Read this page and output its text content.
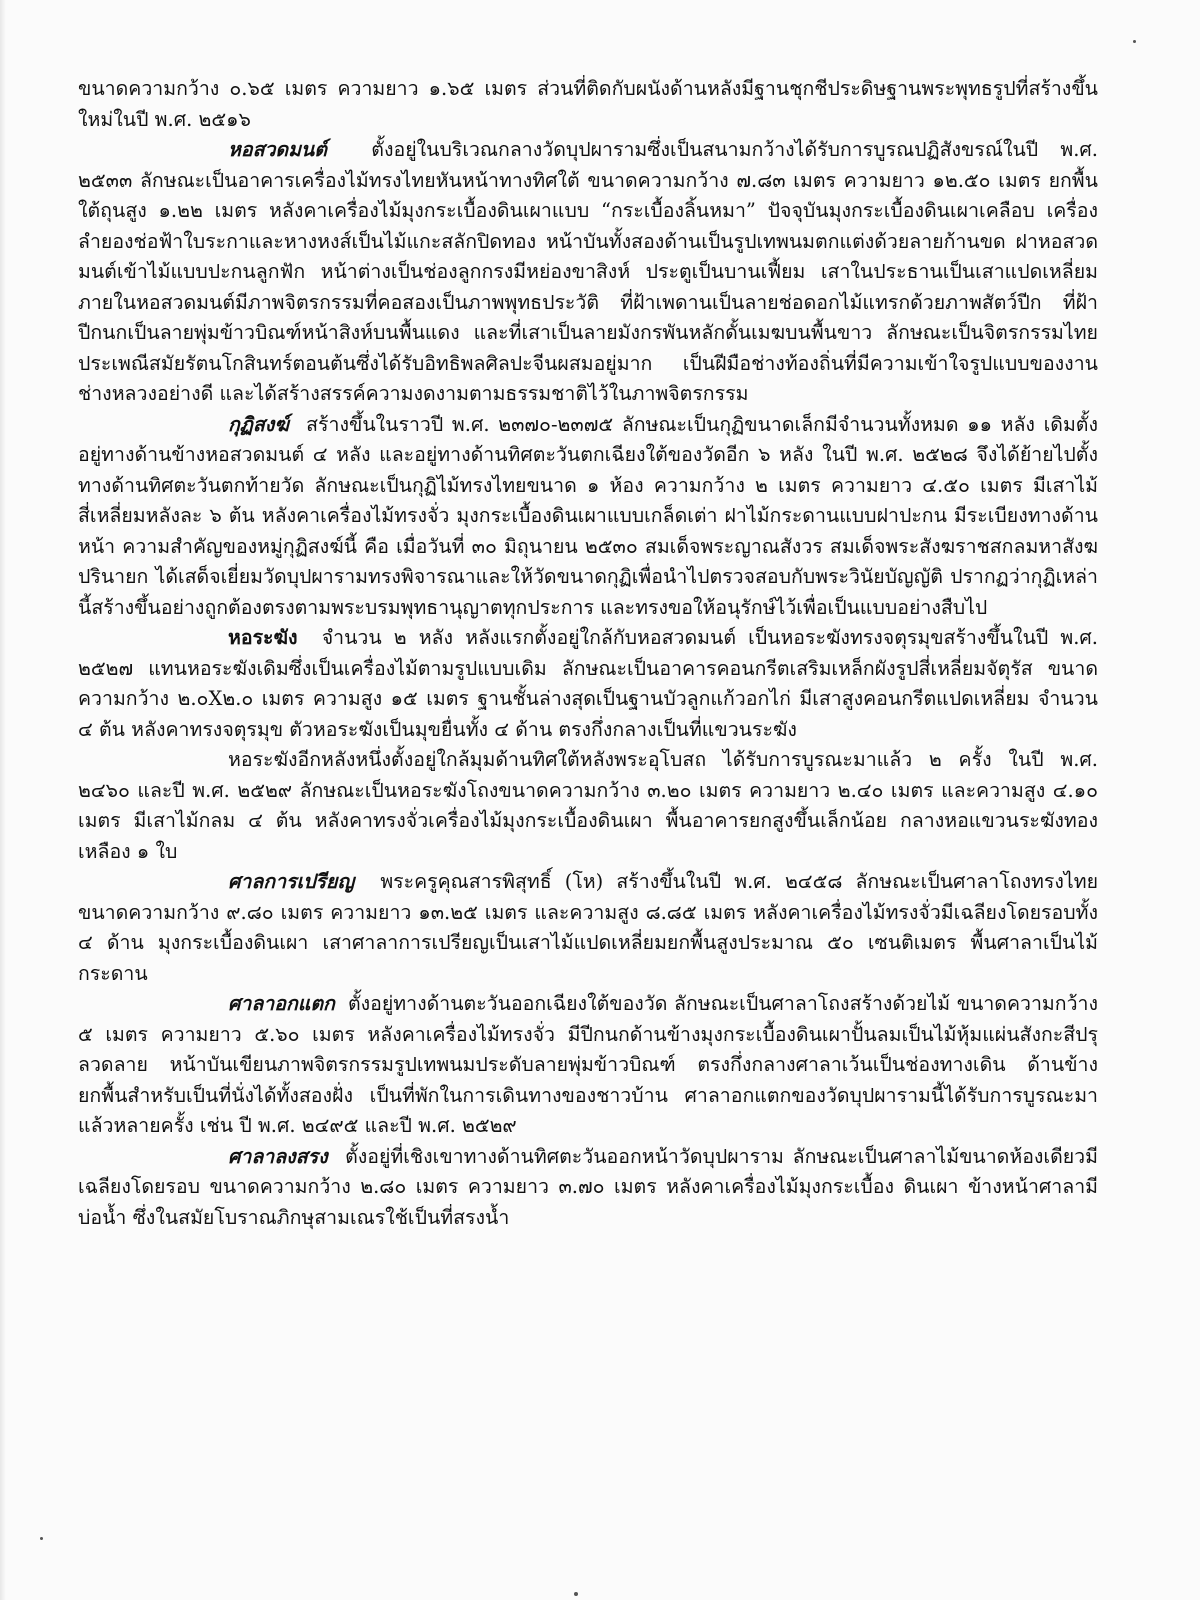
ขนาดความกว้าง ๐.๖๕ เมตร ความยาว ๑.๖๕ เมตร ส่วนที่ติดกับผนังด้านหลังมีฐานชุกชีประดิษฐานพระพุทธรูปที่สร้างขึ้นใหม่ในปี พ.ศ. ๒๕๑๖

หอสวดมนต์ ตั้งอยู่ในบริเวณกลางวัดบุปผารามซึ่งเป็นสนามกว้างได้รับการบูรณปฏิสังขรณ์ในปี พ.ศ. ๒๕๓๓ ลักษณะเป็นอาคารเครื่องไม้ทรงไทยหันหน้าทางทิศใต้ ขนาดความกว้าง ๗.๘๓ เมตร ความยาว ๑๒.๕๐ เมตร ยกพื้นใต้ถุนสูง ๑.๒๒ เมตร หลังคาเครื่องไม้มุงกระเบื้องดินเผาแบบ “กระเบื้องลิ้นหมา” ปัจจุบันมุงกระเบื้องดินเผาเคลือบ เครื่องลำยองช่อฟ้าใบระกาและหางหงส์เป็นไม้แกะสลักปิดทอง หน้าบันทั้งสองด้านเป็นรูปเทพนมตกแต่งด้วยลายก้านขด ฝาหอสวดมนต์เข้าไม้แบบปะกนลูกฟัก หน้าต่างเป็นช่องลูกกรงมีหย่องขาสิงห์ ประตูเป็นบานเฟี้ยม เสาในประธานเป็นเสาแปดเหลี่ยม ภายในหอสวดมนต์มีภาพจิตรกรรมที่คอสองเป็นภาพพุทธประวัติ ที่ฝ้าเพดานเป็นลายช่อดอกไม้แทรกด้วยภาพสัตว์ปีก ที่ฝ้าปีกนกเป็นลายพุ่มข้าวบิณฑ์หน้าสิงห์บนพื้นแดง และที่เสาเป็นลายมังกรพันหลักดั้นเมฆบนพื้นขาว ลักษณะเป็นจิตรกรรมไทยประเพณีสมัยรัตนโกสินทร์ตอนต้นซึ่งได้รับอิทธิพลศิลปะจีนผสมอยู่มาก เป็นฝีมือช่างท้องถิ่นที่มีความเข้าใจรูปแบบของงานช่างหลวงอย่างดี และได้สร้างสรรค์ความงดงามตามธรรมชาติไว้ในภาพจิตรกรรม

กุฏิสงฆ์ สร้างขึ้นในราวปี พ.ศ. ๒๓๗๐-๒๓๗๕ ลักษณะเป็นกุฏิขนาดเล็กมีจำนวนทั้งหมด ๑๑ หลัง เดิมตั้งอยู่ทางด้านข้างหอสวดมนต์ ๔ หลัง และอยู่ทางด้านทิศตะวันตกเฉียงใต้ของวัดอีก ๖ หลัง ในปี พ.ศ. ๒๕๒๘ จึงได้ย้ายไปตั้งทางด้านทิศตะวันตกท้ายวัด ลักษณะเป็นกุฏิไม้ทรงไทยขนาด ๑ ห้อง ความกว้าง ๒ เมตร ความยาว ๔.๕๐ เมตร มีเสาไม้สี่เหลี่ยมหลังละ ๖ ต้น หลังคาเครื่องไม้ทรงจั่ว มุงกระเบื้องดินเผาแบบเกล็ดเต่า ฝาไม้กระดานแบบฝาปะกน มีระเบียงทางด้านหน้า ความสำคัญของหมู่กุฏิสงฆ์นี้ คือ เมื่อวันที่ ๓๐ มิถุนายน ๒๕๓๐ สมเด็จพระญาณสังวร สมเด็จพระสังฆราชสกลมหาสังฆปรินายก ได้เสด็จเยี่ยมวัดบุปผารามทรงพิจารณาและให้วัดขนาดกุฏิเพื่อนำไปตรวจสอบกับพระวินัยบัญญัติ ปรากฏว่ากุฏิเหล่านี้สร้างขึ้นอย่างถูกต้องตรงตามพระบรมพุทธานุญาตทุกประการ และทรงขอให้อนุรักษ์ไว้เพื่อเป็นแบบอย่างสืบไป

หอระฆัง จำนวน ๒ หลัง หลังแรกตั้งอยู่ใกล้กับหอสวดมนต์ เป็นหอระฆังทรงจตุรมุขสร้างขึ้นในปี พ.ศ. ๒๕๒๗ แทนหอระฆังเดิมซึ่งเป็นเครื่องไม้ตามรูปแบบเดิม ลักษณะเป็นอาคารคอนกรีตเสริมเหล็กผังรูปสี่เหลี่ยมจัตุรัส ขนาดความกว้าง ๒.๐X๒.๐ เมตร ความสูง ๑๕ เมตร ฐานชั้นล่างสุดเป็นฐานบัวลูกแก้วอกไก่ มีเสาสูงคอนกรีตแปดเหลี่ยม จำนวน ๔ ต้น หลังคาทรงจตุรมุข ตัวหอระฆังเป็นมุขยื่นทั้ง ๔ ด้าน ตรงกึ่งกลางเป็นที่แขวนระฆัง

หอระฆังอีกหลังหนึ่งตั้งอยู่ใกล้มุมด้านทิศใต้หลังพระอุโบสถ ได้รับการบูรณะมาแล้ว ๒ ครั้ง ในปี พ.ศ. ๒๔๖๐ และปี พ.ศ. ๒๕๒๙ ลักษณะเป็นหอระฆังโถงขนาดความกว้าง ๓.๒๐ เมตร ความยาว ๒.๔๐ เมตร และความสูง ๔.๑๐ เมตร มีเสาไม้กลม ๔ ต้น หลังคาทรงจั่วเครื่องไม้มุงกระเบื้องดินเผา พื้นอาคารยกสูงขึ้นเล็กน้อย กลางหอแขวนระฆังทองเหลือง ๑ ใบ

ศาลการเปรียญ พระครูคุณสารพิสุทธิ์ (โห) สร้างขึ้นในปี พ.ศ. ๒๔๕๘ ลักษณะเป็นศาลาโถงทรงไทย ขนาดความกว้าง ๙.๘๐ เมตร ความยาว ๑๓.๒๕ เมตร และความสูง ๘.๘๕ เมตร หลังคาเครื่องไม้ทรงจั่วมีเฉลียงโดยรอบทั้ง ๔ ด้าน มุงกระเบื้องดินเผา เสาศาลาการเปรียญเป็นเสาไม้แปดเหลี่ยมยกพื้นสูงประมาณ ๕๐ เซนติเมตร พื้นศาลาเป็นไม้กระดาน

ศาลาอกแตก ตั้งอยู่ทางด้านตะวันออกเฉียงใต้ของวัด ลักษณะเป็นศาลาโถงสร้างด้วยไม้ ขนาดความกว้าง ๕ เมตร ความยาว ๕.๖๐ เมตร หลังคาเครื่องไม้ทรงจั่ว มีปีกนกด้านข้างมุงกระเบื้องดินเผาปั้นลมเป็นไม้หุ้มแผ่นสังกะสีปรุลวดลาย หน้าบันเขียนภาพจิตรกรรมรูปเทพนมประดับลายพุ่มข้าวบิณฑ์ ตรงกึ่งกลางศาลาเว้นเป็นช่องทางเดิน ด้านข้างยกพื้นสำหรับเป็นที่นั่งได้ทั้งสองฝั่ง เป็นที่พักในการเดินทางของชาวบ้าน ศาลาอกแตกของวัดบุปผารามนี้ได้รับการบูรณะมาแล้วหลายครั้ง เช่น ปี พ.ศ. ๒๔๙๕ และปี พ.ศ. ๒๕๒๙

ศาลาลงสรง ตั้งอยู่ที่เชิงเขาทางด้านทิศตะวันออกหน้าวัดบุปผาราม ลักษณะเป็นศาลาไม้ขนาดห้องเดียวมีเฉลียงโดยรอบ ขนาดความกว้าง ๒.๘๐ เมตร ความยาว ๓.๗๐ เมตร หลังคาเครื่องไม้มุงกระเบื้อง ดินเผา ข้างหน้าศาลามีบ่อน้ำ ซึ่งในสมัยโบราณภิกษุสามเณรใช้เป็นที่สรงน้ำ
